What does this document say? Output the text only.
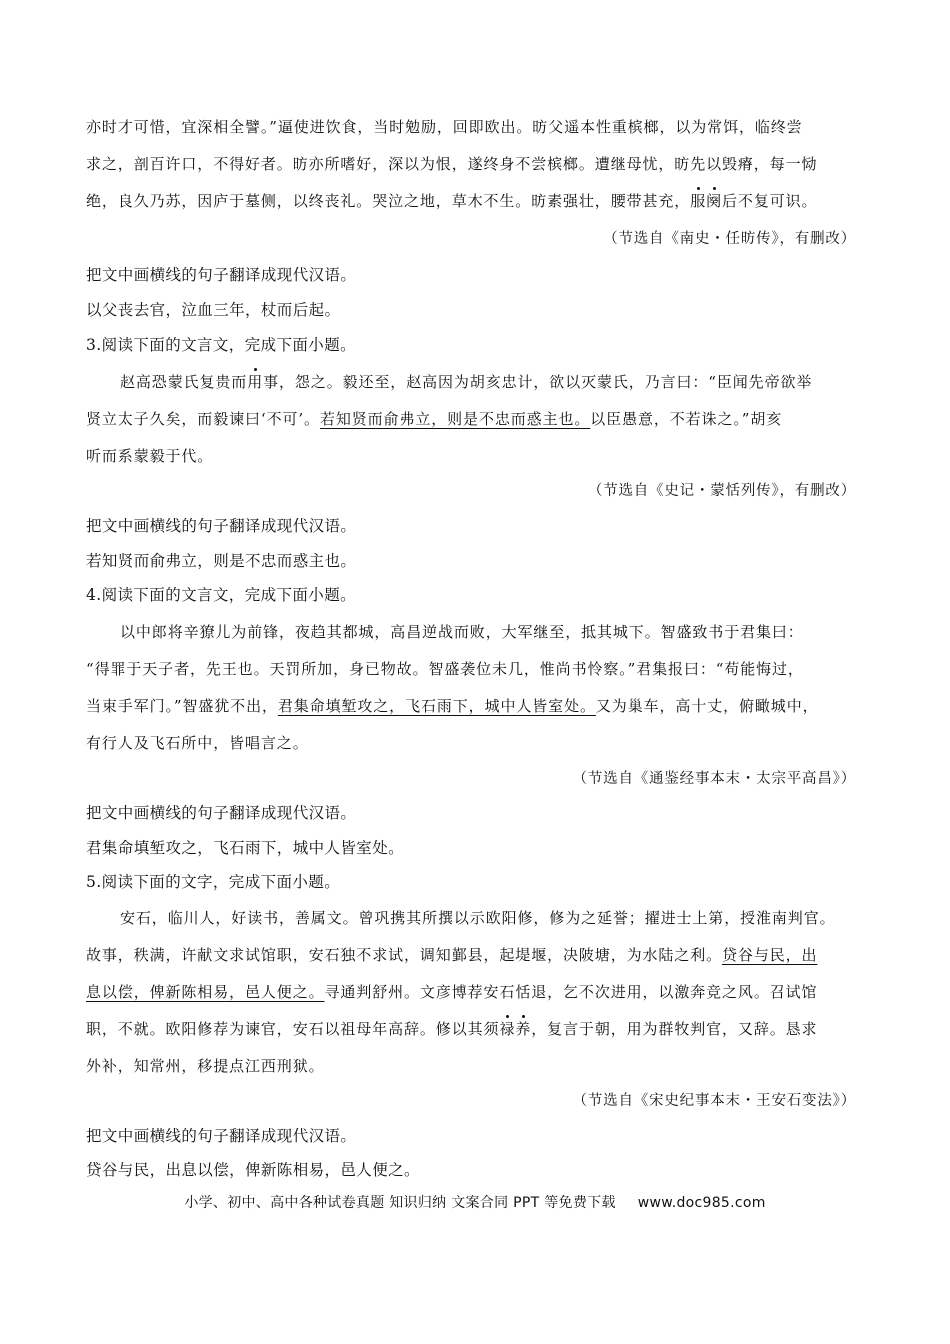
亦时才可惜，宜深相全譬。”逼使进饮食，当时勉励，回即欧出。昉父遥本性重槟榔，以为常饵，临终尝
求之，剖百许口，不得好者。昉亦所嗜好，深以为恨，遂终身不尝槟榔。遭继母忧，昉先以毁瘠，每一恸
绝，良久乃苏，因庐于墓侧，以终丧礼。哭泣之地，草木不生。昉素强壮，腰带甚充，服阕后不复可识。
（节选自《南史・任昉传》，有删改）
把文中画横线的句子翻译成现代汉语。
以父丧去官，泣血三年，杖而后起。
3.阅读下面的文言文，完成下面小题。
赵高恐蒙氏复贵而用事，怨之。毅还至，赵高因为胡亥忠计，欲以灭蒙氏，乃言曰：“臣闻先帝欲举
贤立太子久矣，而毅谏曰‘不可’。若知贤而俞弗立，则是不忠而惑主也。以臣愚意，不若诛之。”胡亥
听而系蒙毅于代。
（节选自《史记・蒙恬列传》，有删改）
把文中画横线的句子翻译成现代汉语。
若知贤而俞弗立，则是不忠而惑主也。
4.阅读下面的文言文，完成下面小题。
以中郎将辛獠儿为前锋，夜趋其都城，高昌逆战而败，大军继至，抵其城下。智盛致书于君集曰：
“得罪于天子者，先王也。天罚所加，身已物故。智盛袭位未几，惟尚书怜察。”君集报曰：“苟能悔过，
当束手军门。”智盛犹不出，君集命填堑攻之，飞石雨下，城中人皆室处。又为巢车，高十丈，俯瞰城中，
有行人及飞石所中，皆唱言之。
（节选自《通鉴经事本末・太宗平高昌》）
把文中画横线的句子翻译成现代汉语。
君集命填堑攻之，飞石雨下，城中人皆室处。
5.阅读下面的文字，完成下面小题。
安石，临川人，好读书，善属文。曾巩携其所撰以示欧阳修，修为之延誉；擢进士上第，授淮南判官。
故事，秩满，许献文求试馆职，安石独不求试，调知鄞县，起堤堰，决陂塘，为水陆之利。贷谷与民，出
息以偿，俾新陈相易，邑人便之。寻通判舒州。文彦博荐安石恬退，乞不次进用，以激奔竞之风。召试馆
职，不就。欧阳修荐为谏官，安石以祖母年高辞。修以其须禄养，复言于朝，用为群牧判官，又辞。恳求
外补，知常州，移提点江西刑狱。
（节选自《宋史纪事本末・王安石变法》）
把文中画横线的句子翻译成现代汉语。
贷谷与民，出息以偿，俾新陈相易，邑人便之。
小学、初中、高中各种试卷真题 知识归纳 文案合同 PPT 等免费下载 www.doc985.com
